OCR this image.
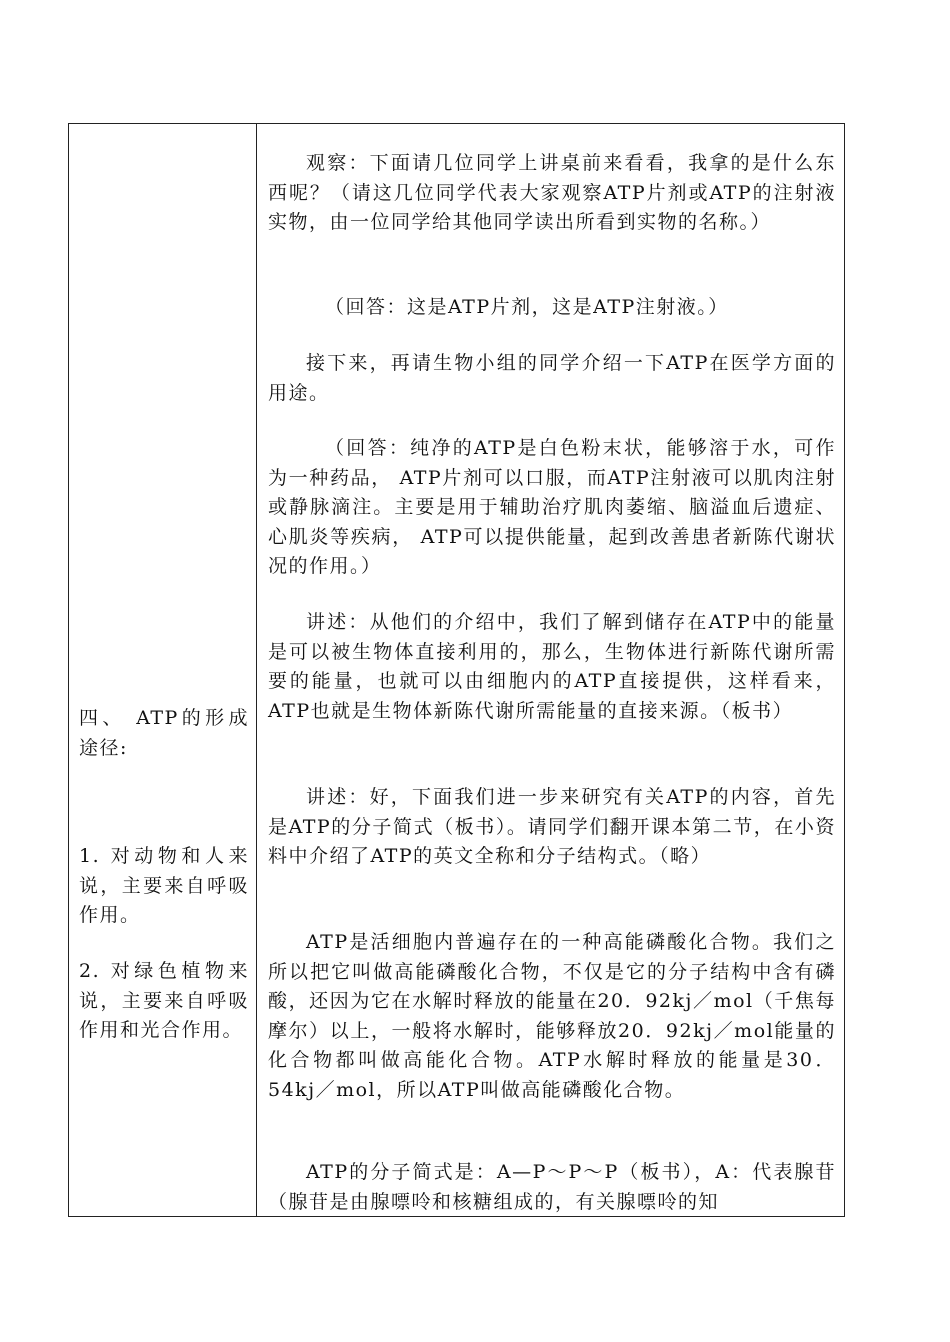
四、 ATP的形成途径:

1. 对动物和人来说，主要来自呼吸作用。

2. 对绿色植物来说，主要来自呼吸作用和光合作用。

观察：下面请几位同学上讲桌前来看看，我拿的是什么东西呢？（请这几位同学代表大家观察ATP片剂或ATP的注射液实物，由一位同学给其他同学读出所看到实物的名称。）

（回答：这是ATP片剂，这是ATP注射液。）

接下来，再请生物小组的同学介绍一下ATP在医学方面的用途。

（回答：纯净的ATP是白色粉末状，能够溶于水，可作为一种药品， ATP片剂可以口服，而ATP注射液可以肌肉注射或静脉滴注。主要是用于辅助治疗肌肉萎缩、脑溢血后遗症、心肌炎等疾病， ATP可以提供能量，起到改善患者新陈代谢状况的作用。）

讲述：从他们的介绍中，我们了解到储存在ATP中的能量是可以被生物体直接利用的，那么，生物体进行新陈代谢所需要的能量，也就可以由细胞内的ATP直接提供，这样看来， ATP也就是生物体新陈代谢所需能量的直接来源。（板书）

讲述：好，下面我们进一步来研究有关ATP的内容，首先是ATP的分子简式（板书）。请同学们翻开课本第二节，在小资料中介绍了ATP的英文全称和分子结构式。（略）

ATP是活细胞内普遍存在的一种高能磷酸化合物。我们之所以把它叫做高能磷酸化合物，不仅是它的分子结构中含有磷酸，还因为它在水解时释放的能量在20．92kj／mol（千焦每摩尔）以上，一般将水解时，能够释放20．92kj／mol能量的化合物都叫做高能化合物。ATP水解时释放的能量是30．54kj／mol，所以ATP叫做高能磷酸化合物。

ATP的分子简式是：A—P～P～P（板书），A：代表腺苷（腺苷是由腺嘌呤和核糖组成的，有关腺嘌呤的知
